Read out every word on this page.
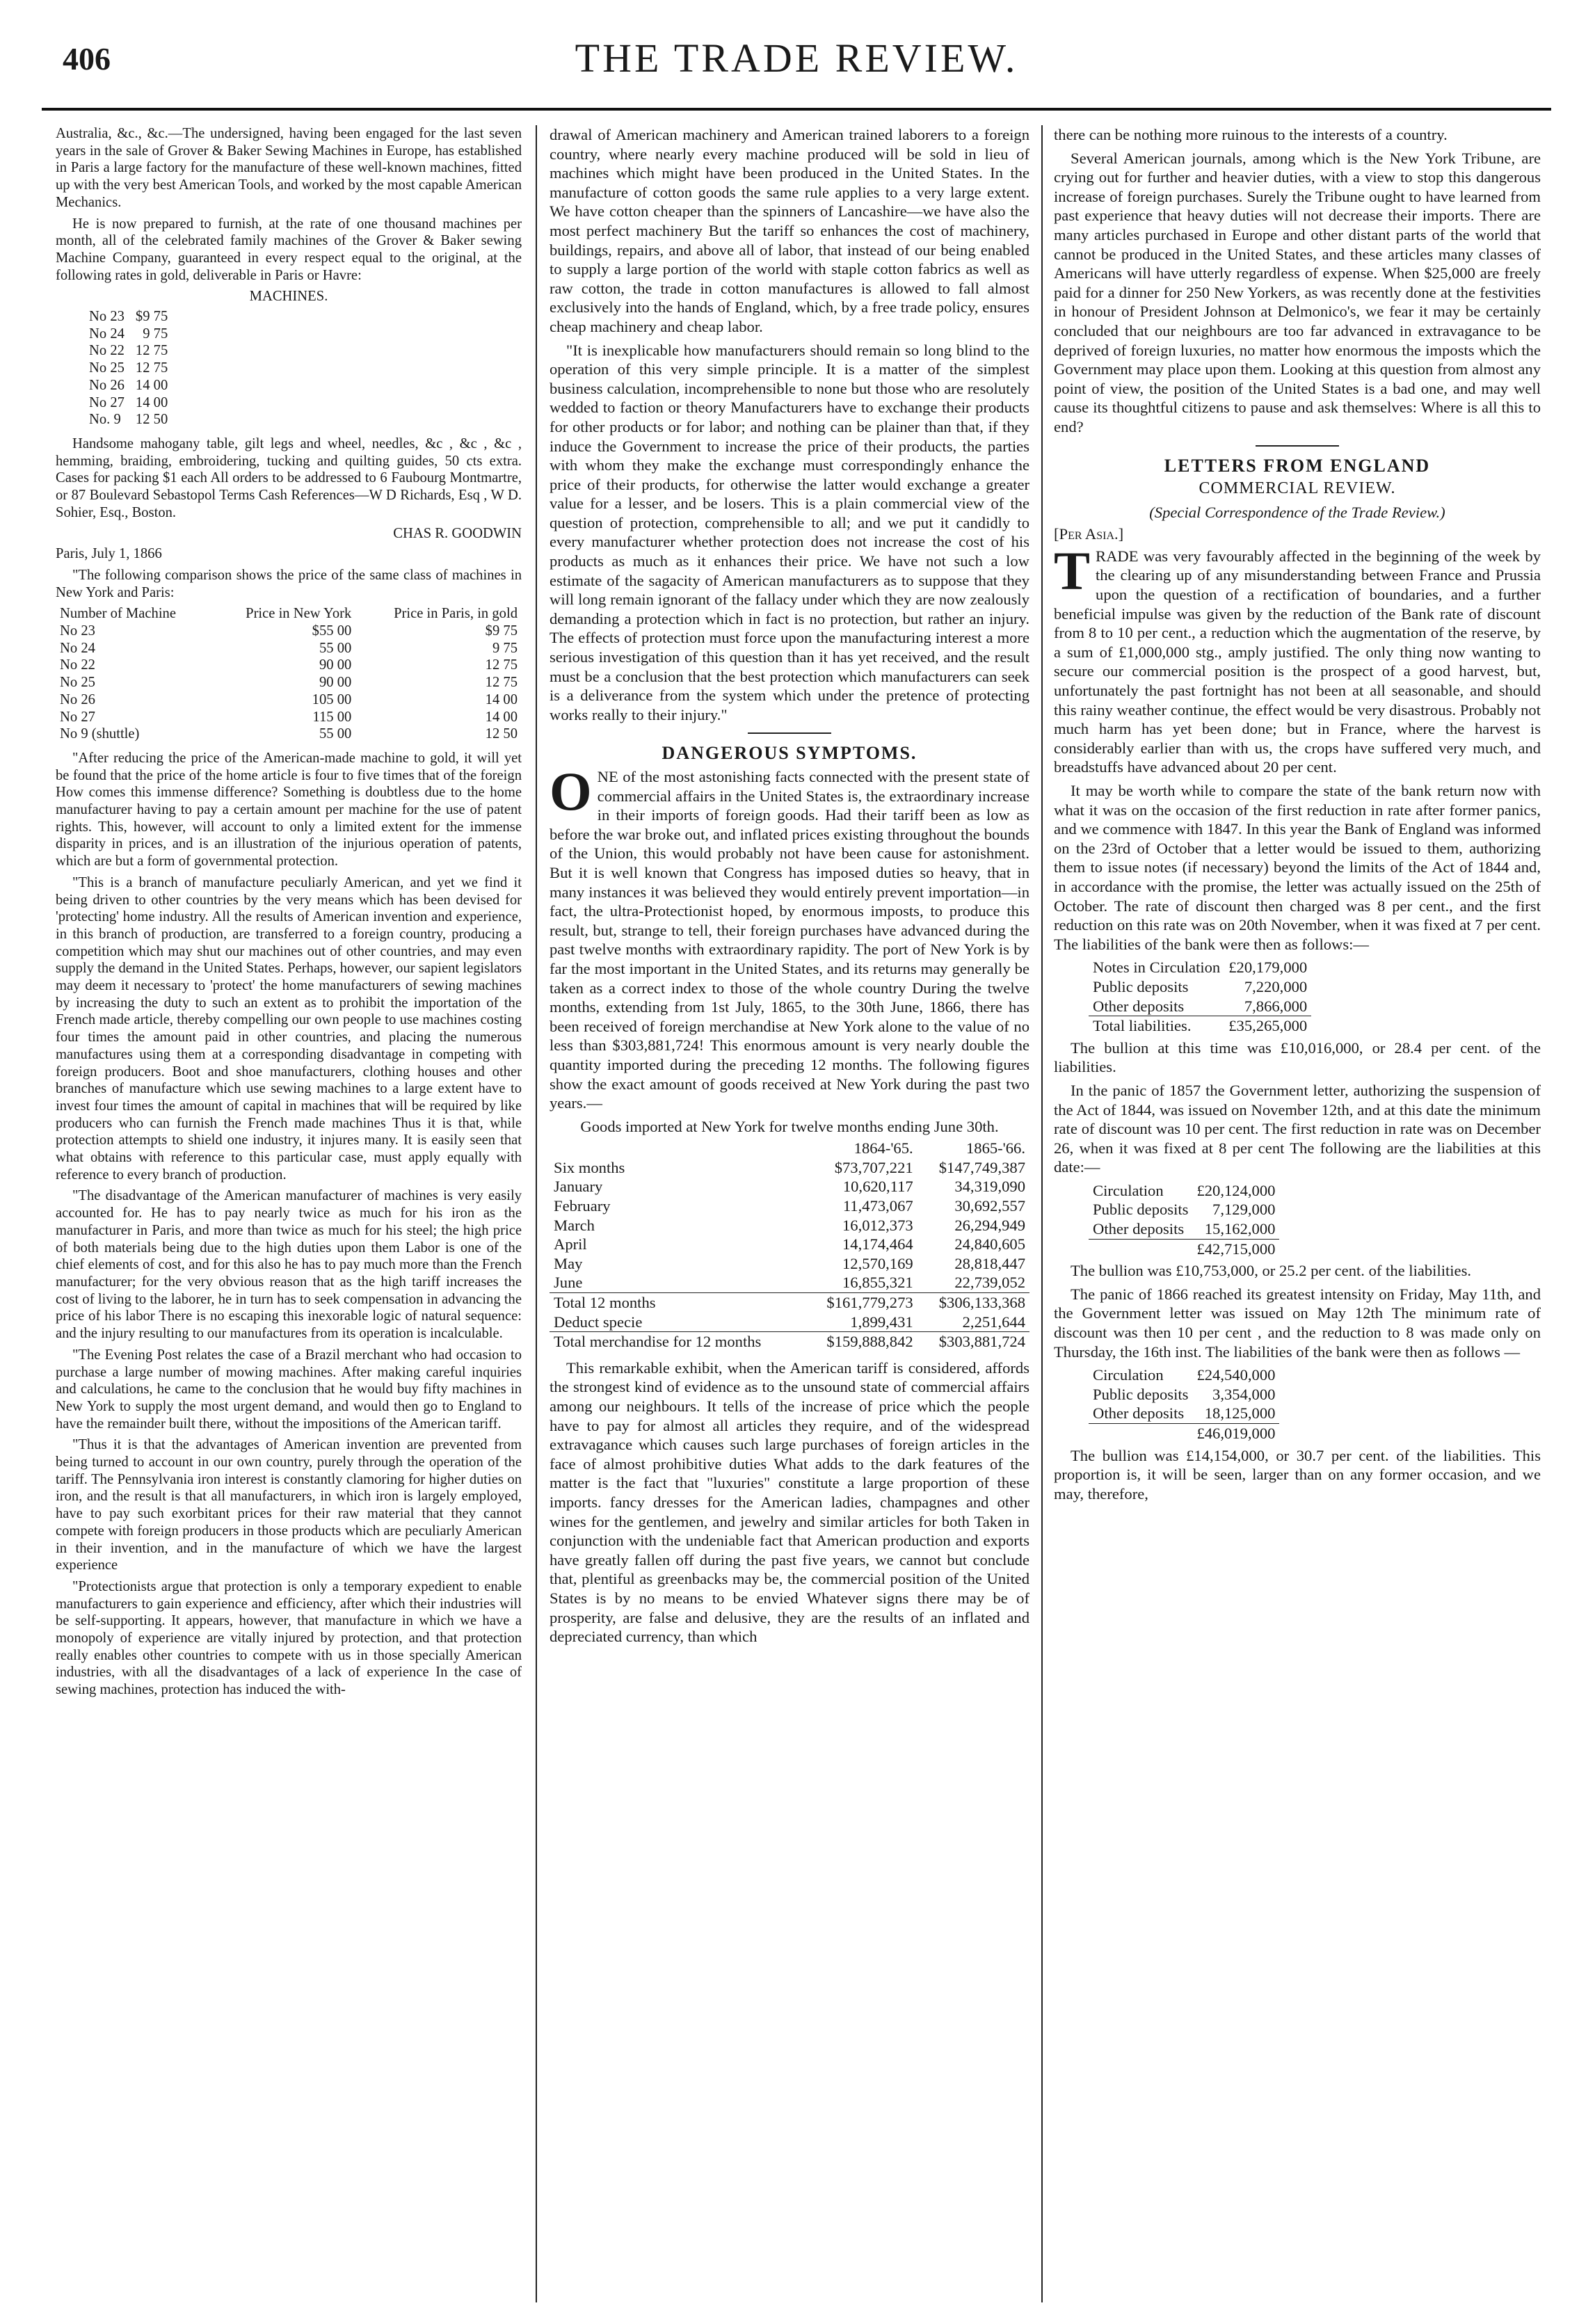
406	THE TRADE REVIEW.

Australia, &c., &c.—The undersigned, having been engaged for the last seven years in the sale of Grover & Baker Sewing Machines in Europe, has established in Paris a large factory for the manufacture of these well-known machines, fitted up with the very best American Tools, and worked by the most capable American Mechanics.

He is now prepared to furnish, at the rate of one thousand machines per month, all of the celebrated family machines of the Grover & Baker sewing Machine Company, guaranteed in every respect equal to the original, at the following rates in gold, deliverable in Paris or Havre:

MACHINES.
No 23	$9 75
No 24	9 75
No 22	12 75
No 25	12 75
No 26	14 00
No 27	14 00
No. 9	12 50

Handsome mahogany table, gilt legs and wheel, needles, &c , &c , &c , hemming, braiding, embroidering, tucking and quilting guides, 50 cts extra. Cases for packing $1 each All orders to be addressed to 6 Faubourg Montmartre, or 87 Boulevard Sebastopol Terms Cash References—W D Richards, Esq , W D. Sohier, Esq., Boston.

CHAS R. GOODWIN

Paris, July 1, 1866

"The following comparison shows the price of the same class of machines in New York and Paris:

Number of Machine	Price in New York	Price in Paris, in gold
No 23	$55 00	$9 75
No 24	55 00	9 75
No 22	90 00	12 75
No 25	90 00	12 75
No 26	105 00	14 00
No 27	115 00	14 00
No 9 (shuttle)	55 00	12 50

"After reducing the price of the American-made machine to gold, it will yet be found that the price of the home article is four to five times that of the foreign How comes this immense difference? Something is doubtless due to the home manufacturer having to pay a certain amount per machine for the use of patent rights. This, however, will account to only a limited extent for the immense disparity in prices, and is an illustration of the injurious operation of patents, which are but a form of governmental protection.

"This is a branch of manufacture peculiarly American, and yet we find it being driven to other countries by the very means which has been devised for 'protecting' home industry. All the results of American invention and experience, in this branch of production, are transferred to a foreign country, producing a competition which may shut our machines out of other countries, and may even supply the demand in the United States. Perhaps, however, our sapient legislators may deem it necessary to 'protect' the home manufacturers of sewing machines by increasing the duty to such an extent as to prohibit the importation of the French made article, thereby compelling our own people to use machines costing four times the amount paid in other countries, and placing the numerous manufactures using them at a corresponding disadvantage in competing with foreign producers. Boot and shoe manufacturers, clothing houses and other branches of manufacture which use sewing machines to a large extent have to invest four times the amount of capital in machines that will be required by like producers who can furnish the French made machines Thus it is that, while protection attempts to shield one industry, it injures many. It is easily seen that what obtains with reference to this particular case, must apply equally with reference to every branch of production.

"The disadvantage of the American manufacturer of machines is very easily accounted for. He has to pay nearly twice as much for his iron as the manufacturer in Paris, and more than twice as much for his steel; the high price of both materials being due to the high duties upon them Labor is one of the chief elements of cost, and for this also he has to pay much more than the French manufacturer; for the very obvious reason that as the high tariff increases the cost of living to the laborer, he in turn has to seek compensation in advancing the price of his labor There is no escaping this inexorable logic of natural sequence: and the injury resulting to our manufactures from its operation is incalculable.

"The Evening Post relates the case of a Brazil merchant who had occasion to purchase a large number of mowing machines. After making careful inquiries and calculations, he came to the conclusion that he would buy fifty machines in New York to supply the most urgent demand, and would then go to England to have the remainder built there, without the impositions of the American tariff.

"Thus it is that the advantages of American invention are prevented from being turned to account in our own country, purely through the operation of the tariff. The Pennsylvania iron interest is constantly clamoring for higher duties on iron, and the result is that all manufacturers, in which iron is largely employed, have to pay such exorbitant prices for their raw material that they cannot compete with foreign producers in those products which are peculiarly American in their invention, and in the manufacture of which we have the largest experience

"Protectionists argue that protection is only a temporary expedient to enable manufacturers to gain experience and efficiency, after which their industries will be self-supporting. It appears, however, that manufacture in which we have a monopoly of experience are vitally injured by protection, and that protection really enables other countries to compete with us in those specially American industries, with all the disadvantages of a lack of experience In the case of sewing machines, protection has induced the with-

drawal of American machinery and American trained laborers to a foreign country, where nearly every machine produced will be sold in lieu of machines which might have been produced in the United States. In the manufacture of cotton goods the same rule applies to a very large extent. We have cotton cheaper than the spinners of Lancashire—we have also the most perfect machinery But the tariff so enhances the cost of machinery, buildings, repairs, and above all of labor, that instead of our being enabled to supply a large portion of the world with staple cotton fabrics as well as raw cotton, the trade in cotton manufactures is allowed to fall almost exclusively into the hands of England, which, by a free trade policy, ensures cheap machinery and cheap labor.

"It is inexplicable how manufacturers should remain so long blind to the operation of this very simple principle. It is a matter of the simplest business calculation, incomprehensible to none but those who are resolutely wedded to faction or theory Manufacturers have to exchange their products for other products or for labor; and nothing can be plainer than that, if they induce the Government to increase the price of their products, the parties with whom they make the exchange must correspondingly enhance the price of their products, for otherwise the latter would exchange a greater value for a lesser, and be losers. This is a plain commercial view of the question of protection, comprehensible to all; and we put it candidly to every manufacturer whether protection does not increase the cost of his products as much as it enhances their price. We have not such a low estimate of the sagacity of American manufacturers as to suppose that they will long remain ignorant of the fallacy under which they are now zealously demanding a protection which in fact is no protection, but rather an injury. The effects of protection must force upon the manufacturing interest a more serious investigation of this question than it has yet received, and the result must be a conclusion that the best protection which manufacturers can seek is a deliverance from the system which under the pretence of protecting works really to their injury."

DANGEROUS SYMPTOMS.

ONE of the most astonishing facts connected with the present state of commercial affairs in the United States is, the extraordinary increase in their imports of foreign goods. Had their tariff been as low as before the war broke out, and inflated prices existing throughout the bounds of the Union, this would probably not have been cause for astonishment. But it is well known that Congress has imposed duties so heavy, that in many instances it was believed they would entirely prevent importation—in fact, the ultra-Protectionist hoped, by enormous imposts, to produce this result, but, strange to tell, their foreign purchases have advanced during the past twelve months with extraordinary rapidity. The port of New York is by far the most important in the United States, and its returns may generally be taken as a correct index to those of the whole country During the twelve months, extending from 1st July, 1865, to the 30th June, 1866, there has been received of foreign merchandise at New York alone to the value of no less than $303,881,724! This enormous amount is very nearly double the quantity imported during the preceding 12 months. The following figures show the exact amount of goods received at New York during the past two years.—

Goods imported at New York for twelve months ending June 30th.
	1864-'65.	1865-'66.
Six months	$73,707,221	$147,749,387
January	10,620,117	34,319,090
February	11,473,067	30,692,557
March	16,012,373	26,294,949
April	14,174,464	24,840,605
May	12,570,169	28,818,447
June	16,855,321	22,739,052
Total 12 months	$161,779,273	$306,133,368
Deduct specie	1,899,431	2,251,644
Total merchandise for 12 months	$159,888,842	$303,881,724

This remarkable exhibit, when the American tariff is considered, affords the strongest kind of evidence as to the unsound state of commercial affairs among our neighbours. It tells of the increase of price which the people have to pay for almost all articles they require, and of the widespread extravagance which causes such large purchases of foreign articles in the face of almost prohibitive duties What adds to the dark features of the matter is the fact that "luxuries" constitute a large proportion of these imports. fancy dresses for the American ladies, champagnes and other wines for the gentlemen, and jewelry and similar articles for both Taken in conjunction with the undeniable fact that American production and exports have greatly fallen off during the past five years, we cannot but conclude that, plentiful as greenbacks may be, the commercial position of the United States is by no means to be envied Whatever signs there may be of prosperity, are false and delusive, they are the results of an inflated and depreciated currency, than which

there can be nothing more ruinous to the interests of a country.

Several American journals, among which is the New York Tribune, are crying out for further and heavier duties, with a view to stop this dangerous increase of foreign purchases. Surely the Tribune ought to have learned from past experience that heavy duties will not decrease their imports. There are many articles purchased in Europe and other distant parts of the world that cannot be produced in the United States, and these articles many classes of Americans will have utterly regardless of expense. When $25,000 are freely paid for a dinner for 250 New Yorkers, as was recently done at the festivities in honour of President Johnson at Delmonico's, we fear it may be certainly concluded that our neighbours are too far advanced in extravagance to be deprived of foreign luxuries, no matter how enormous the imposts which the Government may place upon them. Looking at this question from almost any point of view, the position of the United States is a bad one, and may well cause its thoughtful citizens to pause and ask themselves: Where is all this to end?

LETTERS FROM ENGLAND
COMMERCIAL REVIEW.
(Special Correspondence of the Trade Review.)
[Per Asia.]

TRADE was very favourably affected in the beginning of the week by the clearing up of any misunderstanding between France and Prussia upon the question of a rectification of boundaries, and a further beneficial impulse was given by the reduction of the Bank rate of discount from 8 to 10 per cent., a reduction which the augmentation of the reserve, by a sum of £1,000,000 stg., amply justified. The only thing now wanting to secure our commercial position is the prospect of a good harvest, but, unfortunately the past fortnight has not been at all seasonable, and should this rainy weather continue, the effect would be very disastrous. Probably not much harm has yet been done; but in France, where the harvest is considerably earlier than with us, the crops have suffered very much, and breadstuffs have advanced about 20 per cent.

It may be worth while to compare the state of the bank return now with what it was on the occasion of the first reduction in rate after former panics, and we commence with 1847. In this year the Bank of England was informed on the 23rd of October that a letter would be issued to them, authorizing them to issue notes (if necessary) beyond the limits of the Act of 1844 and, in accordance with the promise, the letter was actually issued on the 25th of October. The rate of discount then charged was 8 per cent., and the first reduction on this rate was on 20th November, when it was fixed at 7 per cent. The liabilities of the bank were then as follows:—

Notes in Circulation	£20,179,000
Public deposits	7,220,000
Other deposits	7,866,000
Total liabilities.	£35,265,000

The bullion at this time was £10,016,000, or 28.4 per cent. of the liabilities.

In the panic of 1857 the Government letter, authorizing the suspension of the Act of 1844, was issued on November 12th, and at this date the minimum rate of discount was 10 per cent. The first reduction in rate was on December 26, when it was fixed at 8 per cent The following are the liabilities at this date:—

Circulation	£20,124,000
Public deposits	7,129,000
Other deposits	15,162,000
	£42,715,000

The bullion was £10,753,000, or 25.2 per cent. of the liabilities.

The panic of 1866 reached its greatest intensity on Friday, May 11th, and the Government letter was issued on May 12th The minimum rate of discount was then 10 per cent , and the reduction to 8 was made only on Thursday, the 16th inst. The liabilities of the bank were then as follows —

Circulation	£24,540,000
Public deposits	3,354,000
Other deposits	18,125,000
	£46,019,000

The bullion was £14,154,000, or 30.7 per cent. of the liabilities. This proportion is, it will be seen, larger than on any former occasion, and we may, therefore,
